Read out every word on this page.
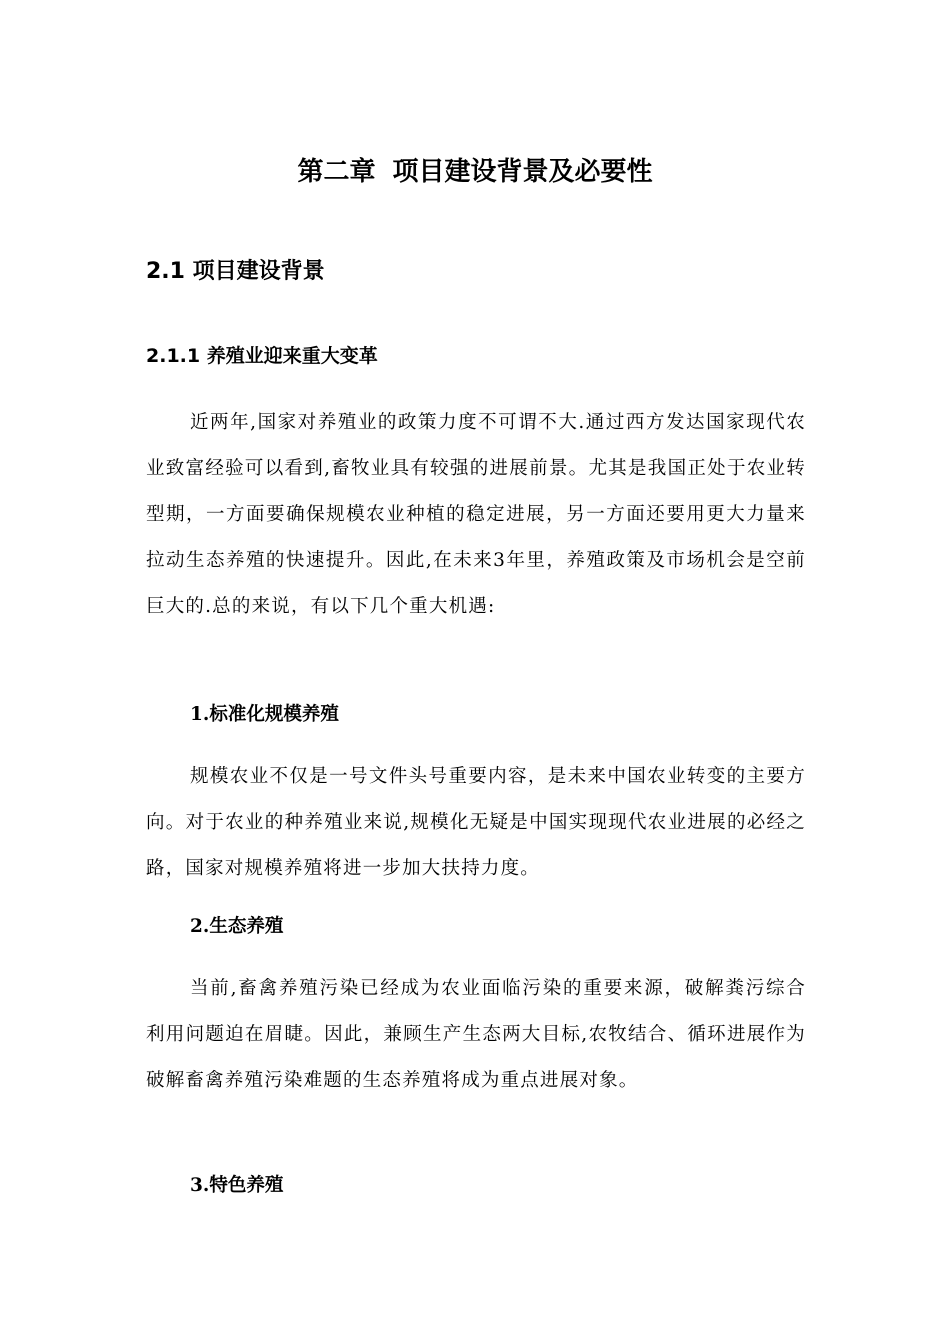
第二章 项目建设背景及必要性
2.1 项目建设背景
2.1.1 养殖业迎来重大变革

近两年,国家对养殖业的政策力度不可谓不大.通过西方发达国家现代农业致富经验可以看到,畜牧业具有较强的进展前景。尤其是我国正处于农业转型期，一方面要确保规模农业种植的稳定进展，另一方面还要用更大力量来拉动生态养殖的快速提升。因此,在未来3年里，养殖政策及市场机会是空前巨大的.总的来说，有以下几个重大机遇:

1.标准化规模养殖

规模农业不仅是一号文件头号重要内容，是未来中国农业转变的主要方向。对于农业的种养殖业来说,规模化无疑是中国实现现代农业进展的必经之路，国家对规模养殖将进一步加大扶持力度。

2.生态养殖

当前,畜禽养殖污染已经成为农业面临污染的重要来源，破解粪污综合利用问题迫在眉睫。因此，兼顾生产生态两大目标,农牧结合、循环进展作为破解畜禽养殖污染难题的生态养殖将成为重点进展对象。

3.特色养殖
